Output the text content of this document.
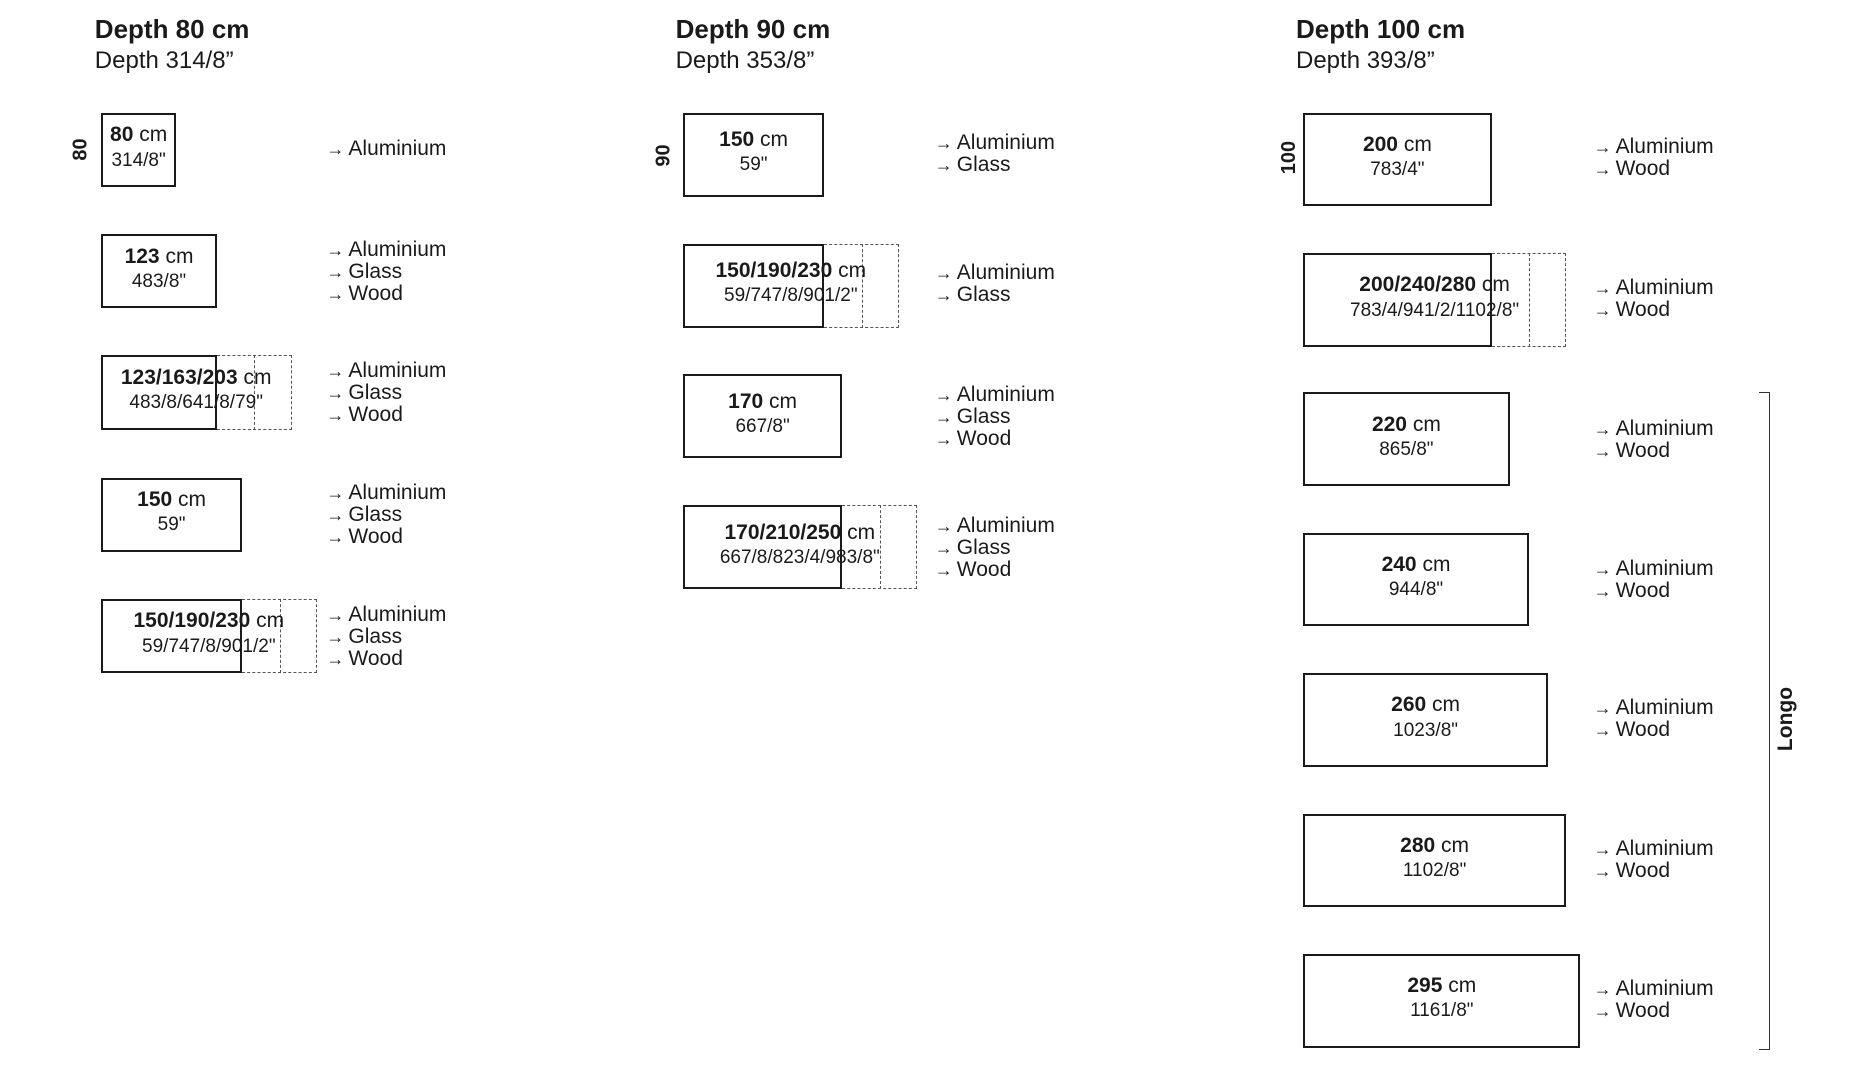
Depth 80 cm
Depth 314/8”
80
80 cm
314/8"
→ Aluminium
123 cm
483/8"
→ Aluminium
→ Glass
→ Wood
123/163/203 cm
483/8/641/8/79"
→ Aluminium
→ Glass
→ Wood
150 cm
59"
→ Aluminium
→ Glass
→ Wood
150/190/230 cm
59/747/8/901/2"
→ Aluminium
→ Glass
→ Wood
Depth 90 cm
Depth 353/8”
90
150 cm
59"
→ Aluminium
→ Glass
150/190/230 cm
59/747/8/901/2"
→ Aluminium
→ Glass
170 cm
667/8"
→ Aluminium
→ Glass
→ Wood
170/210/250 cm
667/8/823/4/983/8"
→ Aluminium
→ Glass
→ Wood
Depth 100 cm
Depth 393/8”
100	200 cm
783/4"
→ Aluminium
→ Wood
200/240/280 cm
783/4/941/2/1102/8"
→ Aluminium
→ Wood
220 cm
865/8"
→ Aluminium
→ Wood
240 cm
944/8"
→ Aluminium
→ Wood
260 cm
1023/8"
→ Aluminium
→ Wood
280 cm
1102/8"
→ Aluminium
→ Wood
295 cm
1161/8"
→ Aluminium
→ Wood
Longo
